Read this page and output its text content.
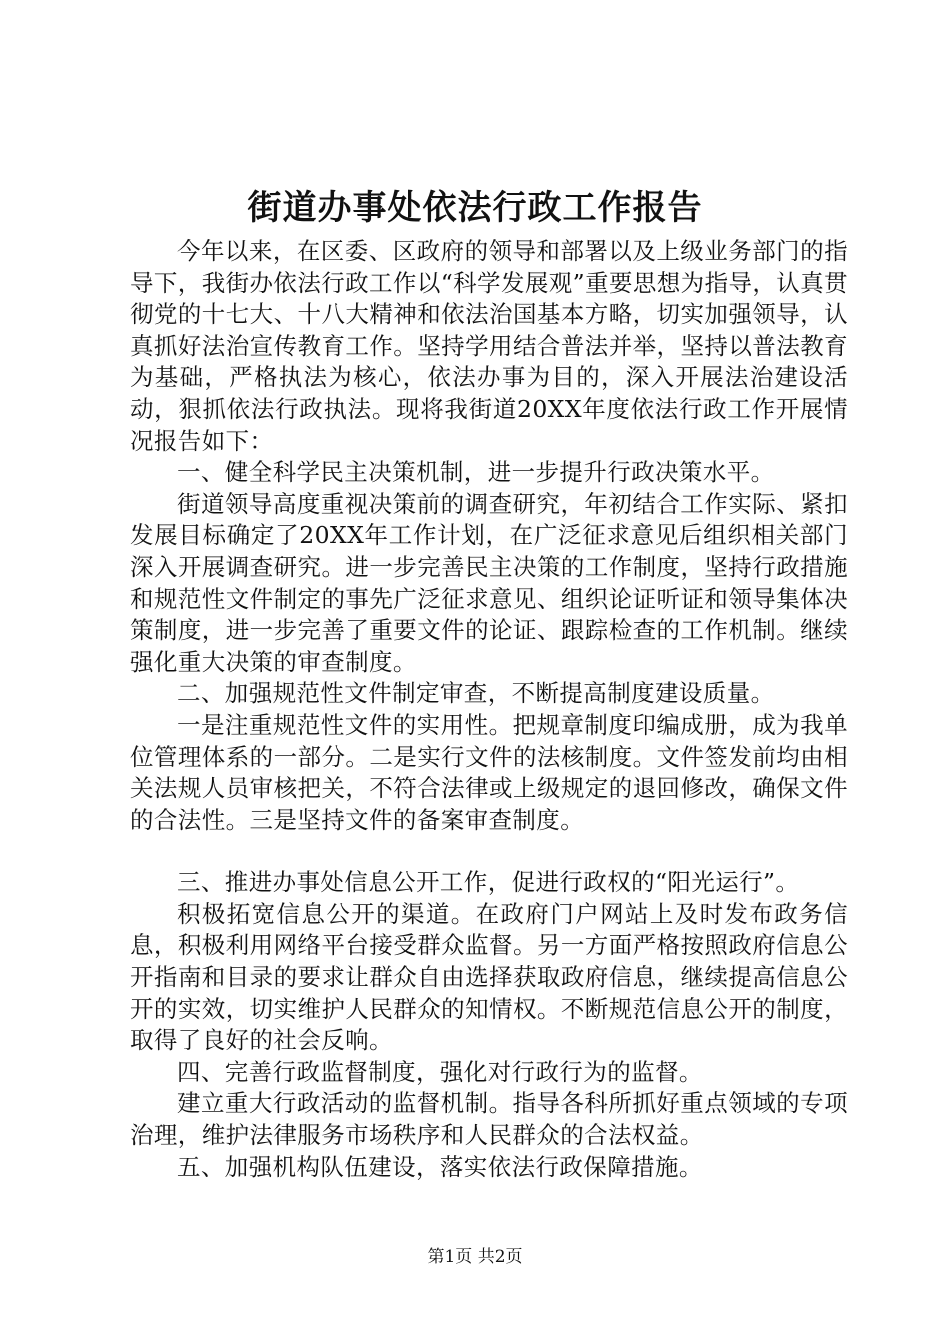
街道办事处依法行政工作报告

今年以来，在区委、区政府的领导和部署以及上级业务部门的指导下，我街办依法行政工作以“科学发展观”重要思想为指导，认真贯彻党的十七大、十八大精神和依法治国基本方略，切实加强领导，认真抓好法治宣传教育工作。坚持学用结合普法并举，坚持以普法教育为基础，严格执法为核心，依法办事为目的，深入开展法治建设活动，狠抓依法行政执法。现将我街道20XX年度依法行政工作开展情况报告如下：

一、健全科学民主决策机制，进一步提升行政决策水平。

街道领导高度重视决策前的调查研究，年初结合工作实际、紧扣发展目标确定了20XX年工作计划，在广泛征求意见后组织相关部门深入开展调查研究。进一步完善民主决策的工作制度，坚持行政措施和规范性文件制定的事先广泛征求意见、组织论证听证和领导集体决策制度，进一步完善了重要文件的论证、跟踪检查的工作机制。继续强化重大决策的审查制度。

二、加强规范性文件制定审查，不断提高制度建设质量。

一是注重规范性文件的实用性。把规章制度印编成册，成为我单位管理体系的一部分。二是实行文件的法核制度。文件签发前均由相关法规人员审核把关，不符合法律或上级规定的退回修改，确保文件的合法性。三是坚持文件的备案审查制度。

三、推进办事处信息公开工作，促进行政权的“阳光运行”。

积极拓宽信息公开的渠道。在政府门户网站上及时发布政务信息，积极利用网络平台接受群众监督。另一方面严格按照政府信息公开指南和目录的要求让群众自由选择获取政府信息，继续提高信息公开的实效，切实维护人民群众的知情权。不断规范信息公开的制度，取得了良好的社会反响。

四、完善行政监督制度，强化对行政行为的监督。

建立重大行政活动的监督机制。指导各科所抓好重点领域的专项治理，维护法律服务市场秩序和人民群众的合法权益。

五、加强机构队伍建设，落实依法行政保障措施。

第1页 共2页
